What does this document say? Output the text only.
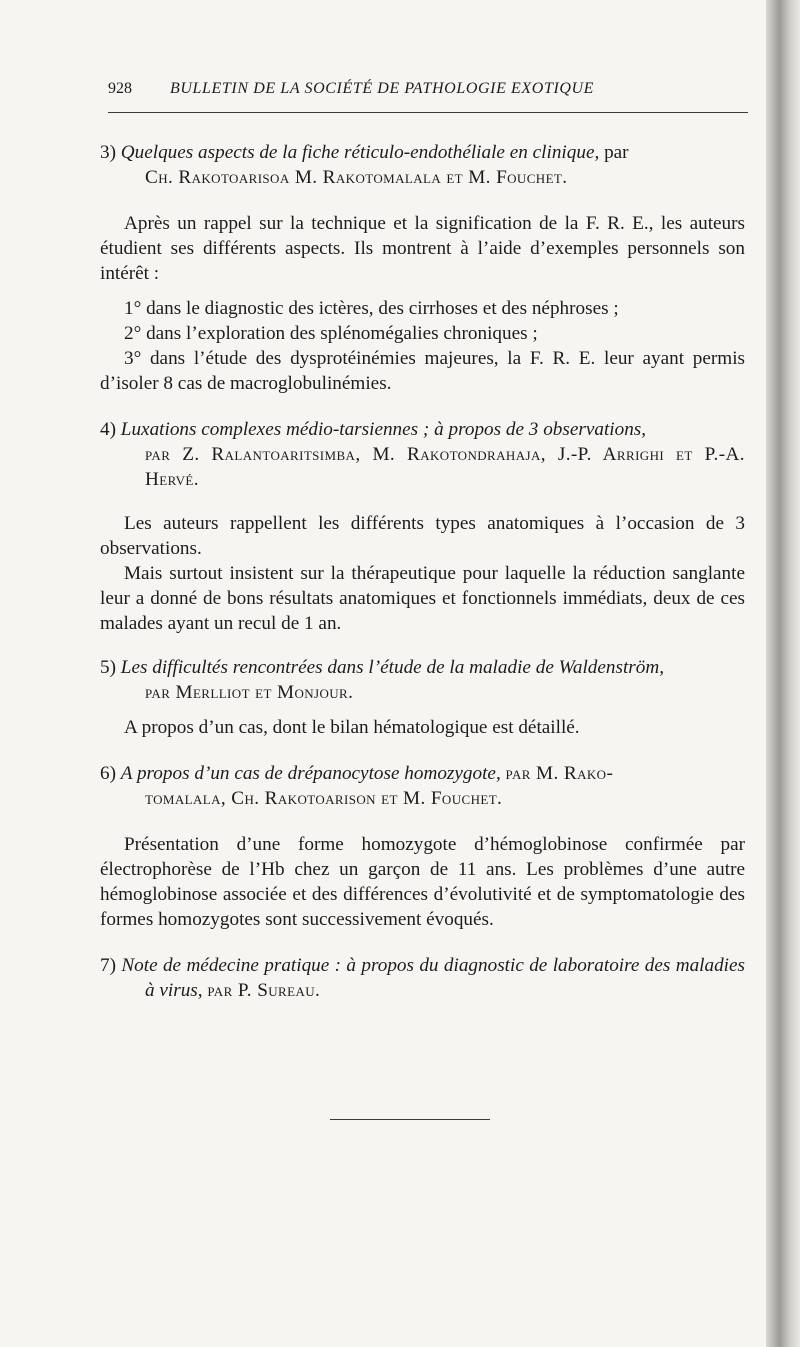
928 BULLETIN DE LA SOCIÉTÉ DE PATHOLOGIE EXOTIQUE

3) Quelques aspects de la fiche réticulo-endothéliale en clinique, par

Ch. Rakotoarisoa M. Rakotomalala et M. Fouchet.

Après un rappel sur la technique et la signification de la F. R. E., les auteurs étudient ses différents aspects. Ils montrent à l’aide d’exemples personnels son intérêt :

1° dans le diagnostic des ictères, des cirrhoses et des néphroses ;

2° dans l’exploration des splénomégalies chroniques ;

3° dans l’étude des dysprotéinémies majeures, la F. R. E. leur ayant permis d’isoler 8 cas de macroglobulinémies.

4) Luxations complexes médio-tarsiennes ; à propos de 3 observations,

par Z. Ralantoaritsimba, M. Rakotondrahaja, J.-P. Arrighi et P.-A. Hervé.

Les auteurs rappellent les différents types anatomiques à l’occasion de 3 observations.

Mais surtout insistent sur la thérapeutique pour laquelle la réduction sanglante leur a donné de bons résultats anatomiques et fonctionnels immédiats, deux de ces malades ayant un recul de 1 an.

5) Les difficultés rencontrées dans l’étude de la maladie de Waldenström,

par Merlliot et Monjour.

A propos d’un cas, dont le bilan hématologique est détaillé.

6) A propos d’un cas de drépanocytose homozygote, par M. Rako-

tomalala, Ch. Rakotoarison et M. Fouchet.

Présentation d’une forme homozygote d’hémoglobinose confirmée par électrophorèse de l’Hb chez un garçon de 11 ans. Les problèmes d’une autre hémoglobinose associée et des différences d’évolutivité et de symptomatologie des formes homozygotes sont successivement évoqués.

7) Note de médecine pratique : à propos du diagnostic de laboratoire des maladies à virus, par P. Sureau.
